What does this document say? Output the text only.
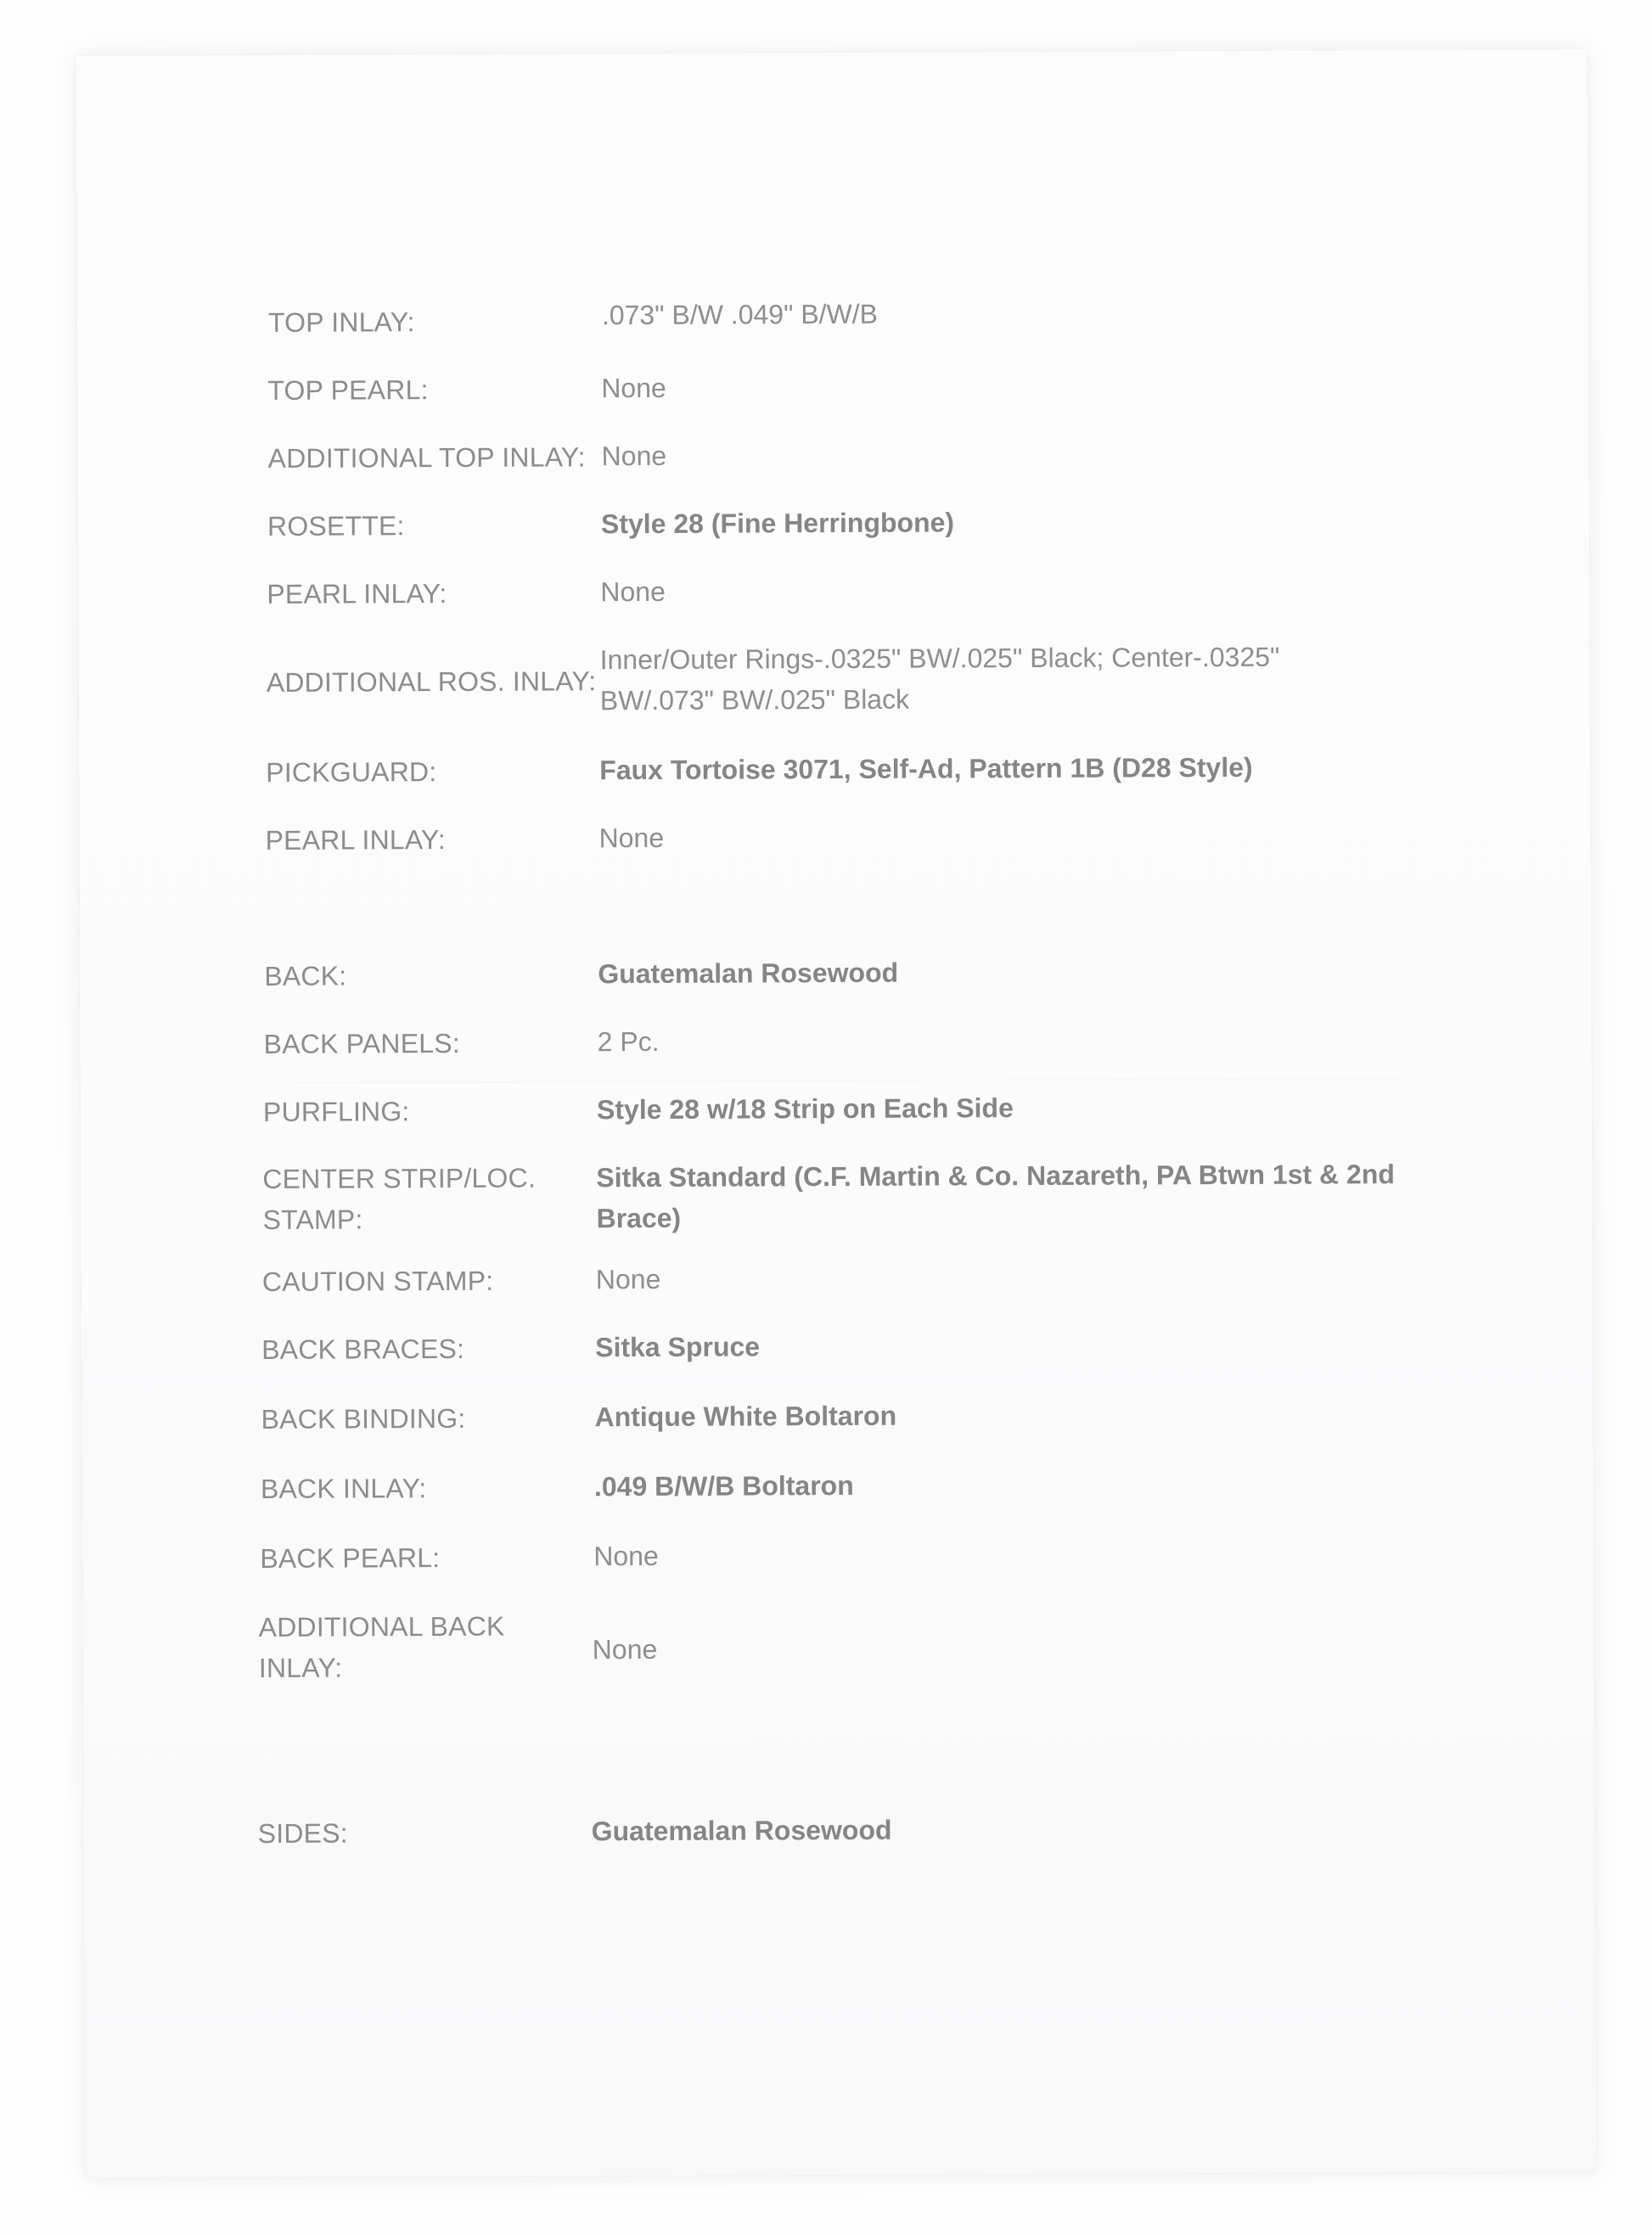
TOP INLAY:	.073" B/W .049" B/W/B
TOP PEARL:	None
ADDITIONAL TOP INLAY: None
ROSETTE:	Style 28 (Fine Herringbone)
PEARL INLAY:	None
ADDITIONAL ROS. INLAY:
Inner/Outer Rings-.0325" BW/.025" Black; Center-.0325" BW/.073" BW/.025" Black
PICKGUARD:	Faux Tortoise 3071, Self-Ad, Pattern 1B (D28 Style)
PEARL INLAY:	None
BACK:	Guatemalan Rosewood
BACK PANELS:	2 Pc.
PURFLING:	Style 28 w/18 Strip on Each Side
CENTER STRIP/LOC. STAMP:
Sitka Standard (C.F. Martin & Co. Nazareth, PA Btwn 1st & 2nd Brace)
CAUTION STAMP:	None
BACK BRACES:	Sitka Spruce
BACK BINDING:	Antique White Boltaron
BACK INLAY:	.049 B/W/B Boltaron
BACK PEARL:	None
ADDITIONAL BACK INLAY:
None
SIDES:	Guatemalan Rosewood
